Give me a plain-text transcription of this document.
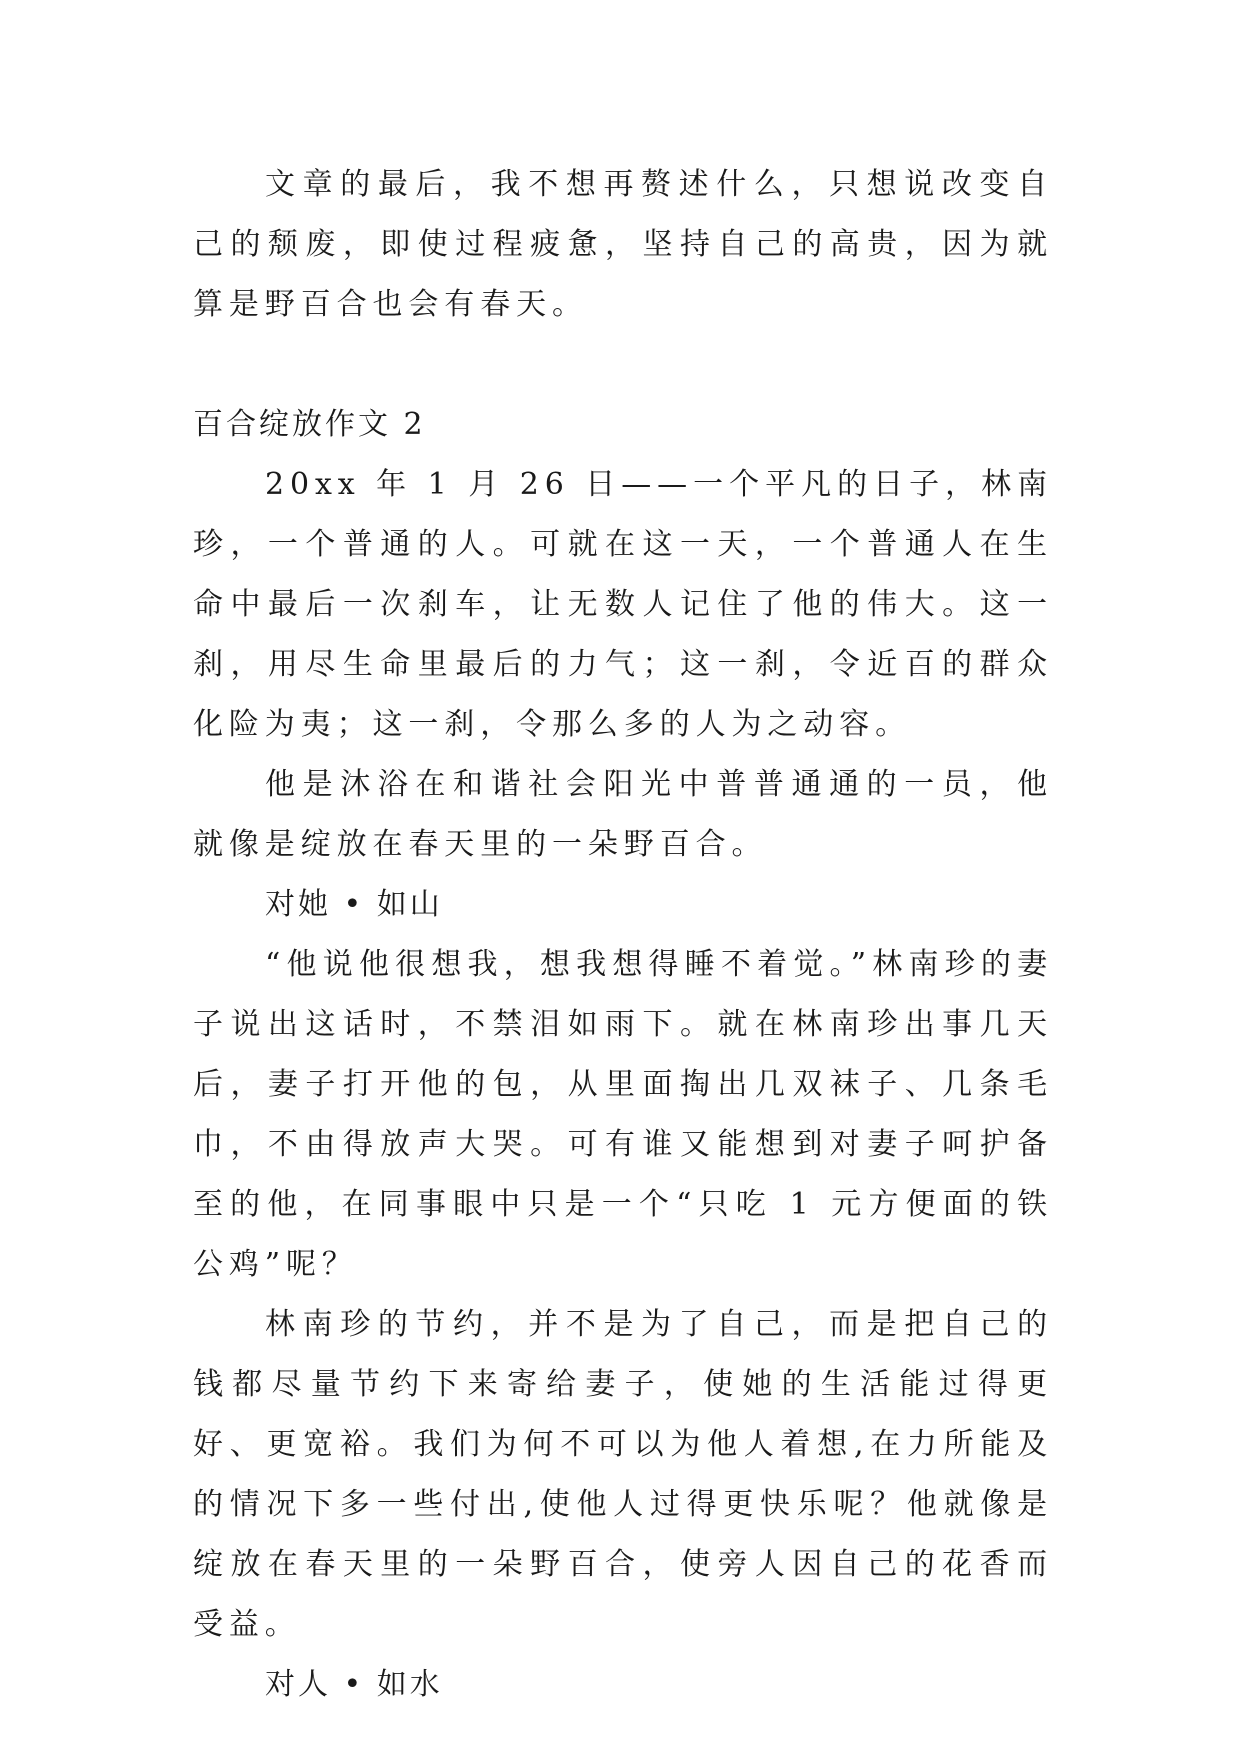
文章的最后，我不想再赘述什么，只想说改变自己的颓废，即使过程疲惫，坚持自己的高贵，因为就算是野百合也会有春天。

百合绽放作文 2

20xx 年 1 月 26 日——一个平凡的日子，林南珍，一个普通的人。可就在这一天，一个普通人在生命中最后一次刹车，让无数人记住了他的伟大。这一刹，用尽生命里最后的力气；这一刹，令近百的群众化险为夷；这一刹，令那么多的人为之动容。

他是沐浴在和谐社会阳光中普普通通的一员，他就像是绽放在春天里的一朵野百合。

对她 • 如山

“他说他很想我，想我想得睡不着觉。”林南珍的妻子说出这话时，不禁泪如雨下。就在林南珍出事几天后，妻子打开他的包，从里面掏出几双袜子、几条毛巾，不由得放声大哭。可有谁又能想到对妻子呵护备至的他，在同事眼中只是一个“只吃 1 元方便面的铁公鸡”呢？

林南珍的节约，并不是为了自己，而是把自己的钱都尽量节约下来寄给妻子，使她的生活能过得更好、更宽裕。我们为何不可以为他人着想,在力所能及的情况下多一些付出,使他人过得更快乐呢？他就像是绽放在春天里的一朵野百合，使旁人因自己的花香而受益。

对人 • 如水
